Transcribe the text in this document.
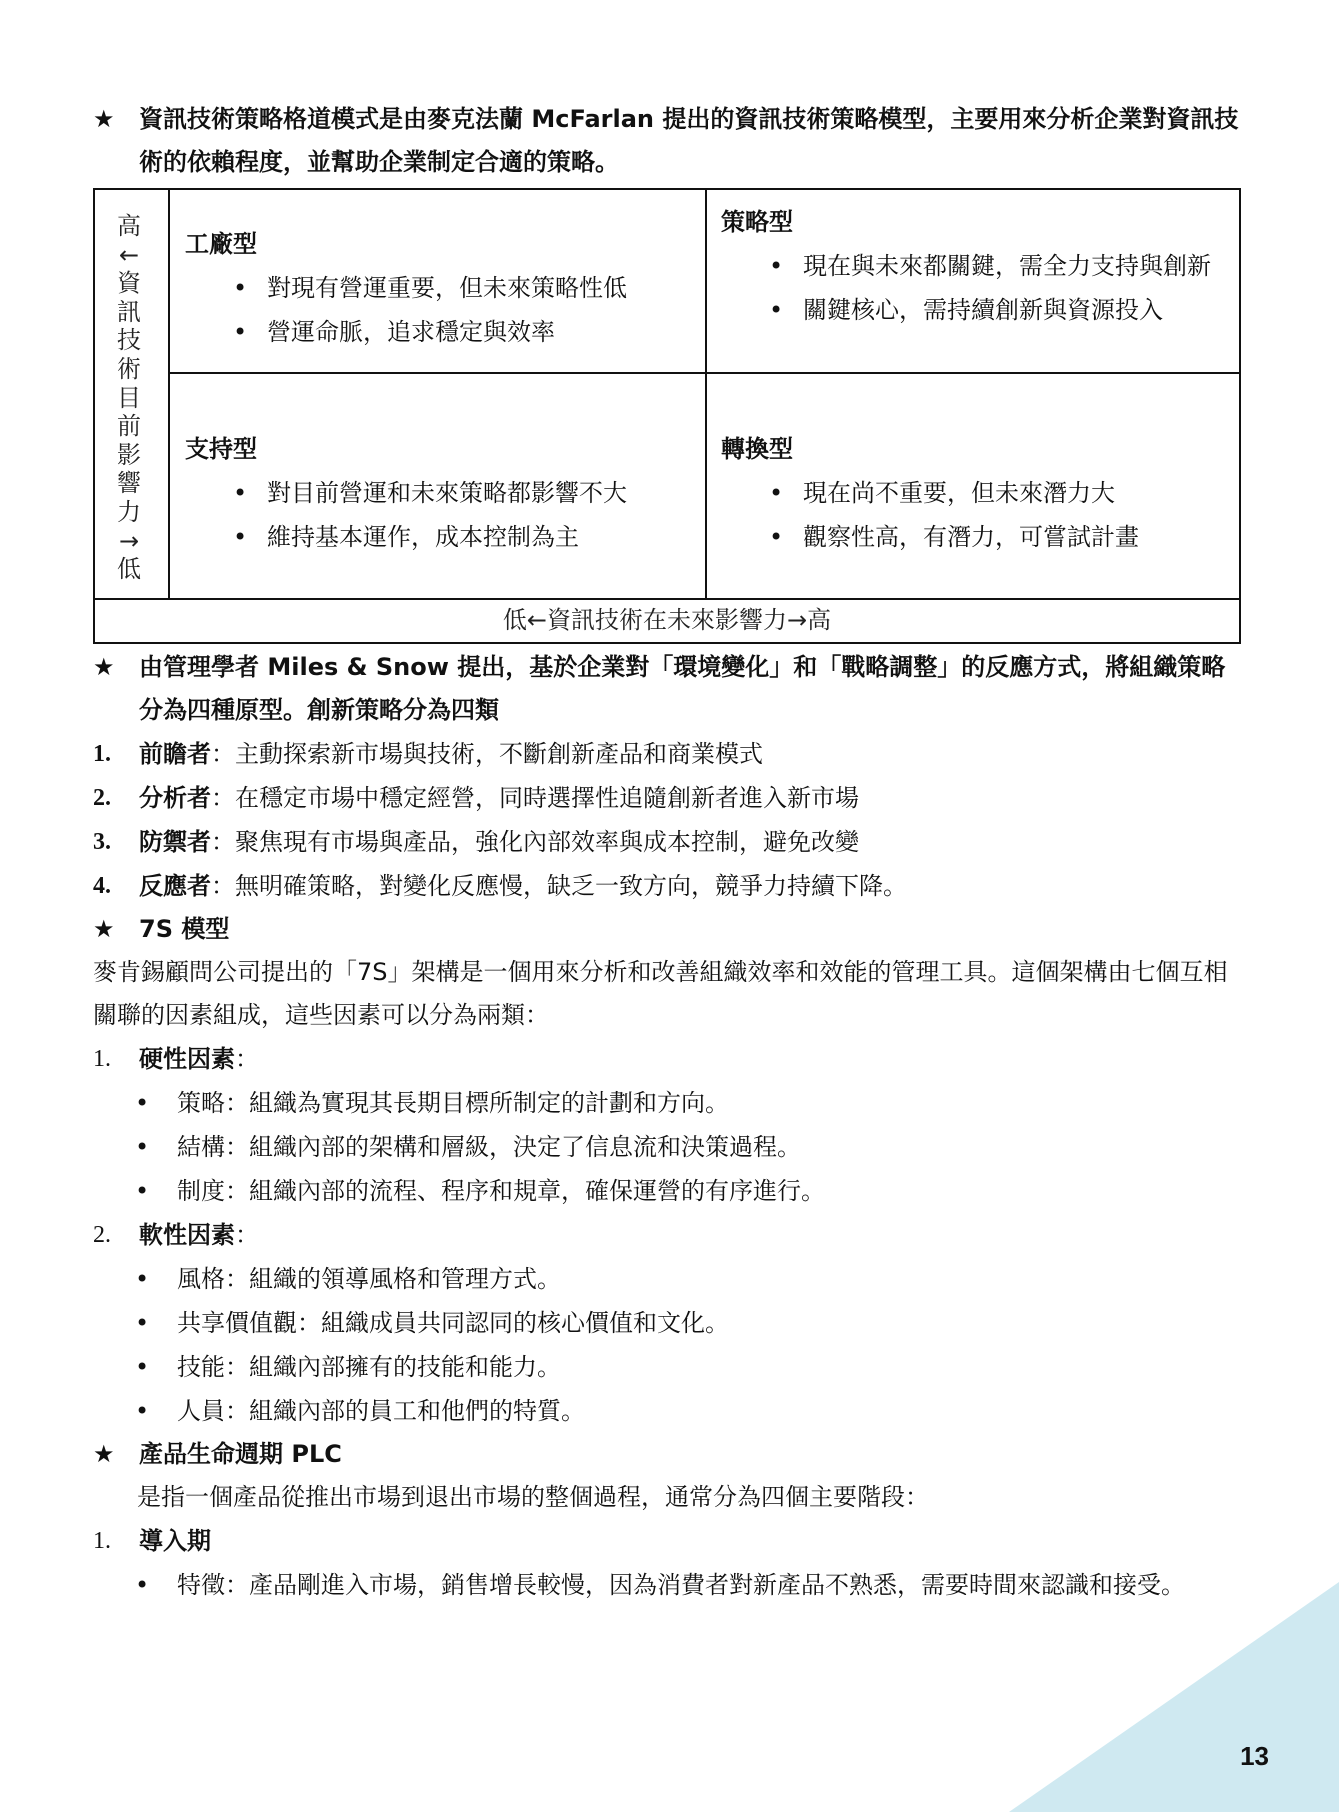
13
★ 資訊技術策略格道模式是由麥克法蘭 McFarlan 提出的資訊技術策略模型，主要用來分析企業對資訊技術的依賴程度，並幫助企業制定合適的策略。
高
←
資
訊
技
術
目
前
影
響
力
→
低
工廠型
• 對現有營運重要，但未來策略性低
• 營運命脈，追求穩定與效率
策略型
• 現在與未來都關鍵，需全力支持與創新
• 關鍵核心，需持續創新與資源投入
支持型
• 對目前營運和未來策略都影響不大
• 維持基本運作，成本控制為主
轉換型
• 現在尚不重要，但未來潛力大
• 觀察性高，有潛力，可嘗試計畫
低←資訊技術在未來影響力→高
★ 由管理學者 Miles & Snow 提出，基於企業對「環境變化」和「戰略調整」的反應方式，將組織策略分為四種原型。創新策略分為四類
1. 前瞻者：主動探索新市場與技術，不斷創新產品和商業模式
2. 分析者：在穩定市場中穩定經營，同時選擇性追隨創新者進入新市場
3. 防禦者：聚焦現有市場與產品，強化內部效率與成本控制，避免改變
4. 反應者：無明確策略，對變化反應慢，缺乏一致方向，競爭力持續下降。
★ 7S 模型
麥肯錫顧問公司提出的「7S」架構是一個用來分析和改善組織效率和效能的管理工具。這個架構由七個互相關聯的因素組成，這些因素可以分為兩類：
1. 硬性因素：
• 策略：組織為實現其長期目標所制定的計劃和方向。
• 結構：組織內部的架構和層級，決定了信息流和決策過程。
• 制度：組織內部的流程、程序和規章，確保運營的有序進行。
2. 軟性因素：
• 風格：組織的領導風格和管理方式。
• 共享價值觀：組織成員共同認同的核心價值和文化。
• 技能：組織內部擁有的技能和能力。
• 人員：組織內部的員工和他們的特質。
★ 產品生命週期 PLC
是指一個產品從推出市場到退出市場的整個過程，通常分為四個主要階段：
1. 導入期
• 特徵：產品剛進入市場，銷售增長較慢，因為消費者對新產品不熟悉，需要時間來認識和接受。
